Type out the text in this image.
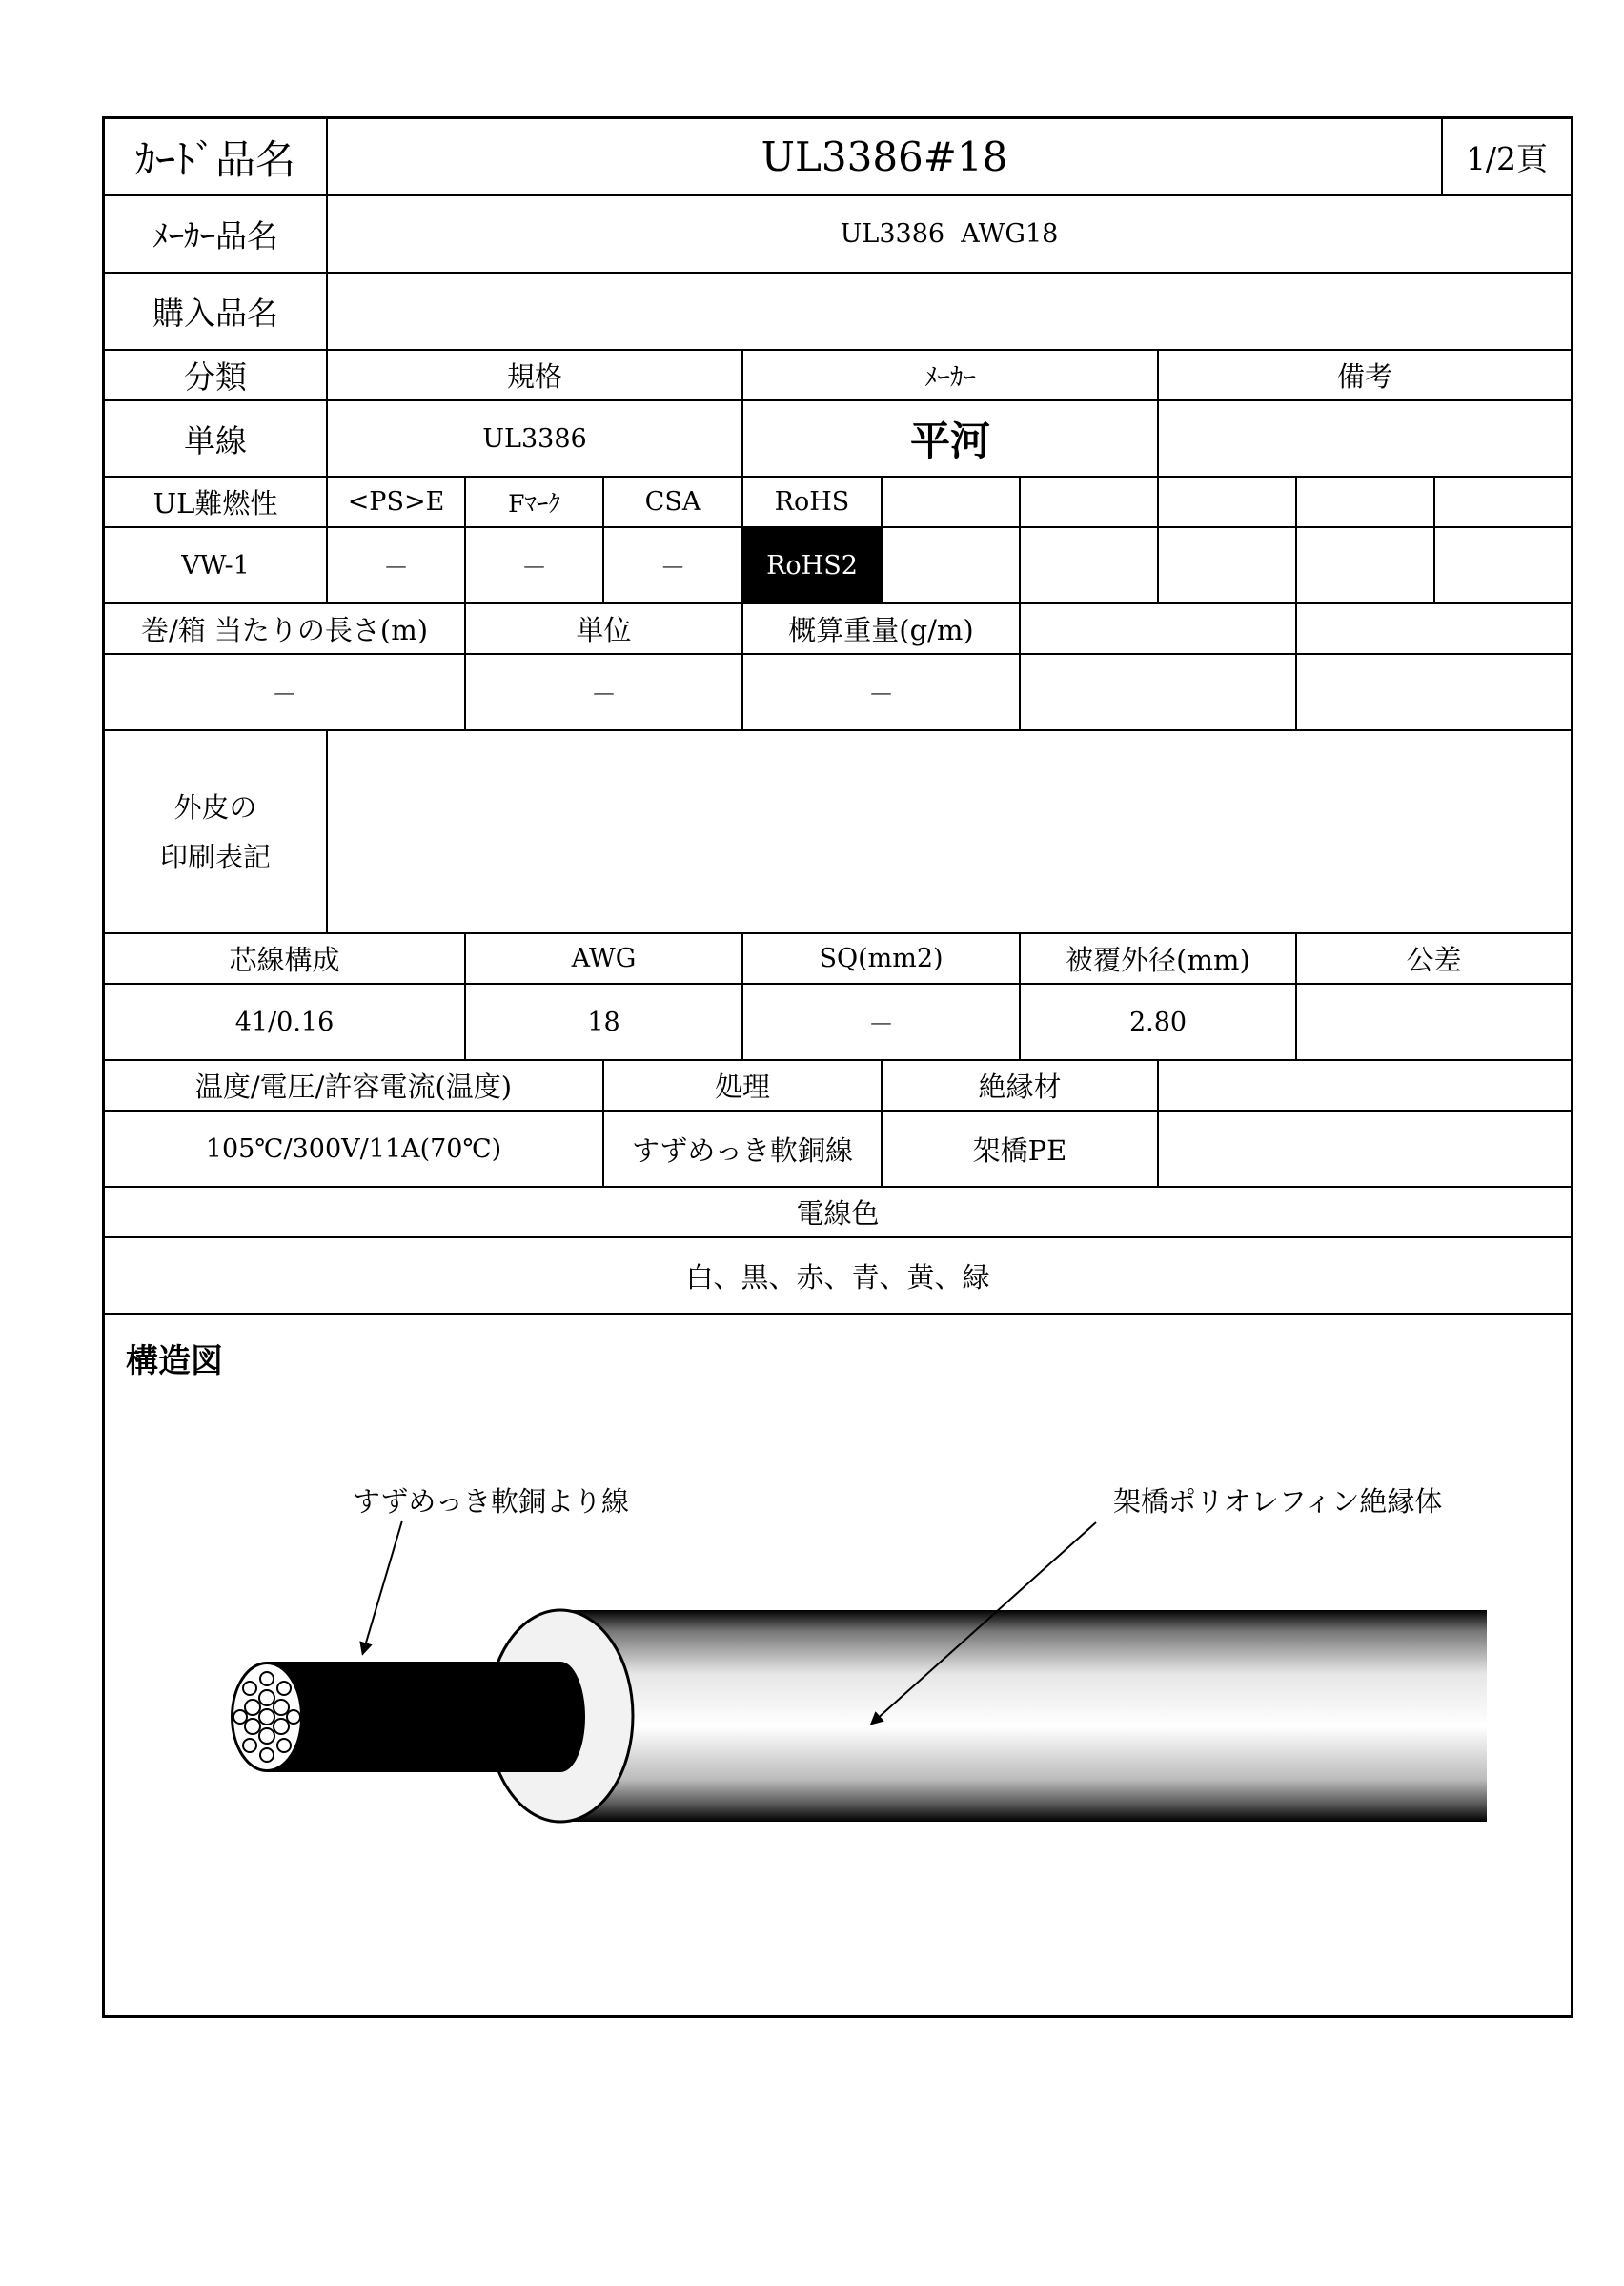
ｶｰﾄﾞ品名	UL3386#18	1/2頁
ﾒｰｶｰ品名	UL3386  AWG18
購入品名
分類	規格	ﾒｰｶｰ	備考
単線	UL3386	平河
UL難燃性	<PS>E	Fﾏｰｸ	CSA	RoHS
VW-1	－	－	－	RoHS2
巻/箱 当たりの長さ(m)	単位	概算重量(g/m)
－	－	－
外皮の
印刷表記
芯線構成	AWG	SQ(mm2)	被覆外径(mm)	公差
41/0.16	18	－	2.80
温度/電圧/許容電流(温度)	処理	絶縁材
105℃/300V/11A(70℃)	すずめっき軟銅線	架橋PE
電線色
白、黒、赤、青、黄、緑
構造図
すずめっき軟銅より線	架橋ポリオレフィン絶縁体
